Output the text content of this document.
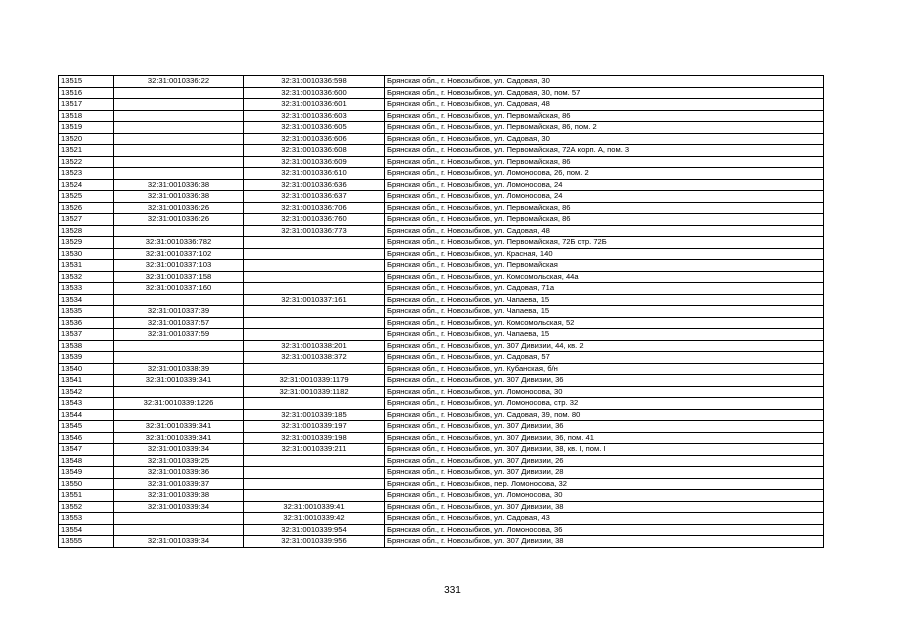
13515	32:31:0010336:22	32:31:0010336:598	Брянская обл., г. Новозыбков, ул. Садовая, 30
13516		32:31:0010336:600	Брянская обл., г. Новозыбков, ул. Садовая, 30, пом. 57
13517		32:31:0010336:601	Брянская обл., г. Новозыбков, ул. Садовая, 48
13518		32:31:0010336:603	Брянская обл., г. Новозыбков, ул. Первомайская, 86
13519		32:31:0010336:605	Брянская обл., г. Новозыбков, ул. Первомайская, 86, пом. 2
13520		32:31:0010336:606	Брянская обл., г. Новозыбков, ул. Садовая, 30
13521		32:31:0010336:608	Брянская обл., г. Новозыбков, ул. Первомайская, 72А корп. А, пом. 3
13522		32:31:0010336:609	Брянская обл., г. Новозыбков, ул. Первомайская, 86
13523		32:31:0010336:610	Брянская обл., г. Новозыбков, ул. Ломоносова, 26, пом. 2
13524	32:31:0010336:38	32:31:0010336:636	Брянская обл., г. Новозыбков, ул. Ломоносова, 24
13525	32:31:0010336:38	32:31:0010336:637	Брянская обл., г. Новозыбков, ул. Ломоносова, 24
13526	32:31:0010336:26	32:31:0010336:706	Брянская обл., г. Новозыбков, ул. Первомайская, 86
13527	32:31:0010336:26	32:31:0010336:760	Брянская обл., г. Новозыбков, ул. Первомайская, 86
13528		32:31:0010336:773	Брянская обл., г. Новозыбков, ул. Садовая, 48
13529	32:31:0010336:782		Брянская обл., г. Новозыбков, ул. Первомайская, 72Б стр. 72Б
13530	32:31:0010337:102		Брянская обл., г. Новозыбков, ул. Красная, 140
13531	32:31:0010337:103		Брянская обл., г. Новозыбков, ул. Первомайская
13532	32:31:0010337:158		Брянская обл., г. Новозыбков, ул. Комсомольская, 44а
13533	32:31:0010337:160		Брянская обл., г. Новозыбков, ул. Садовая, 71а
13534		32:31:0010337:161	Брянская обл., г. Новозыбков, ул. Чапаева, 15
13535	32:31:0010337:39		Брянская обл., г. Новозыбков, ул. Чапаева, 15
13536	32:31:0010337:57		Брянская обл., г. Новозыбков, ул. Комсомольская, 52
13537	32:31:0010337:59		Брянская обл., г. Новозыбков, ул. Чапаева, 15
13538		32:31:0010338:201	Брянская обл., г. Новозыбков, ул. 307 Дивизии, 44, кв. 2
13539		32:31:0010338:372	Брянская обл., г. Новозыбков, ул. Садовая, 57
13540	32:31:0010338:39		Брянская обл., г. Новозыбков, ул. Кубанская, б/н
13541	32:31:0010339:341	32:31:0010339:1179	Брянская обл., г. Новозыбков, ул. 307 Дивизии, 36
13542		32:31:0010339:1182	Брянская обл., г. Новозыбков, ул. Ломоносова, 30
13543	32:31:0010339:1226		Брянская обл., г. Новозыбков, ул. Ломоносова, стр. 32
13544		32:31:0010339:185	Брянская обл., г. Новозыбков, ул. Садовая, 39, пом. 80
13545	32:31:0010339:341	32:31:0010339:197	Брянская обл., г. Новозыбков, ул. 307 Дивизии, 36
13546	32:31:0010339:341	32:31:0010339:198	Брянская обл., г. Новозыбков, ул. 307 Дивизии, 36, пом. 41
13547	32:31:0010339:34	32:31:0010339:211	Брянская обл., г. Новозыбков, ул. 307 Дивизии, 38, кв. I, пом. I
13548	32:31:0010339:25		Брянская обл., г. Новозыбков, ул. 307 Дивизии, 26
13549	32:31:0010339:36		Брянская обл., г. Новозыбков, ул. 307 Дивизии, 28
13550	32:31:0010339:37		Брянская обл., г. Новозыбков, пер. Ломоносова, 32
13551	32:31:0010339:38		Брянская обл., г. Новозыбков, ул. Ломоносова, 30
13552	32:31:0010339:34	32:31:0010339:41	Брянская обл., г. Новозыбков, ул. 307 Дивизии, 38
13553		32:31:0010339:42	Брянская обл., г. Новозыбков, ул. Садовая, 43
13554		32:31:0010339:954	Брянская обл., г. Новозыбков, ул. Ломоносова, 36
13555	32:31:0010339:34	32:31:0010339:956	Брянская обл., г. Новозыбков, ул. 307 Дивизии, 38
331
